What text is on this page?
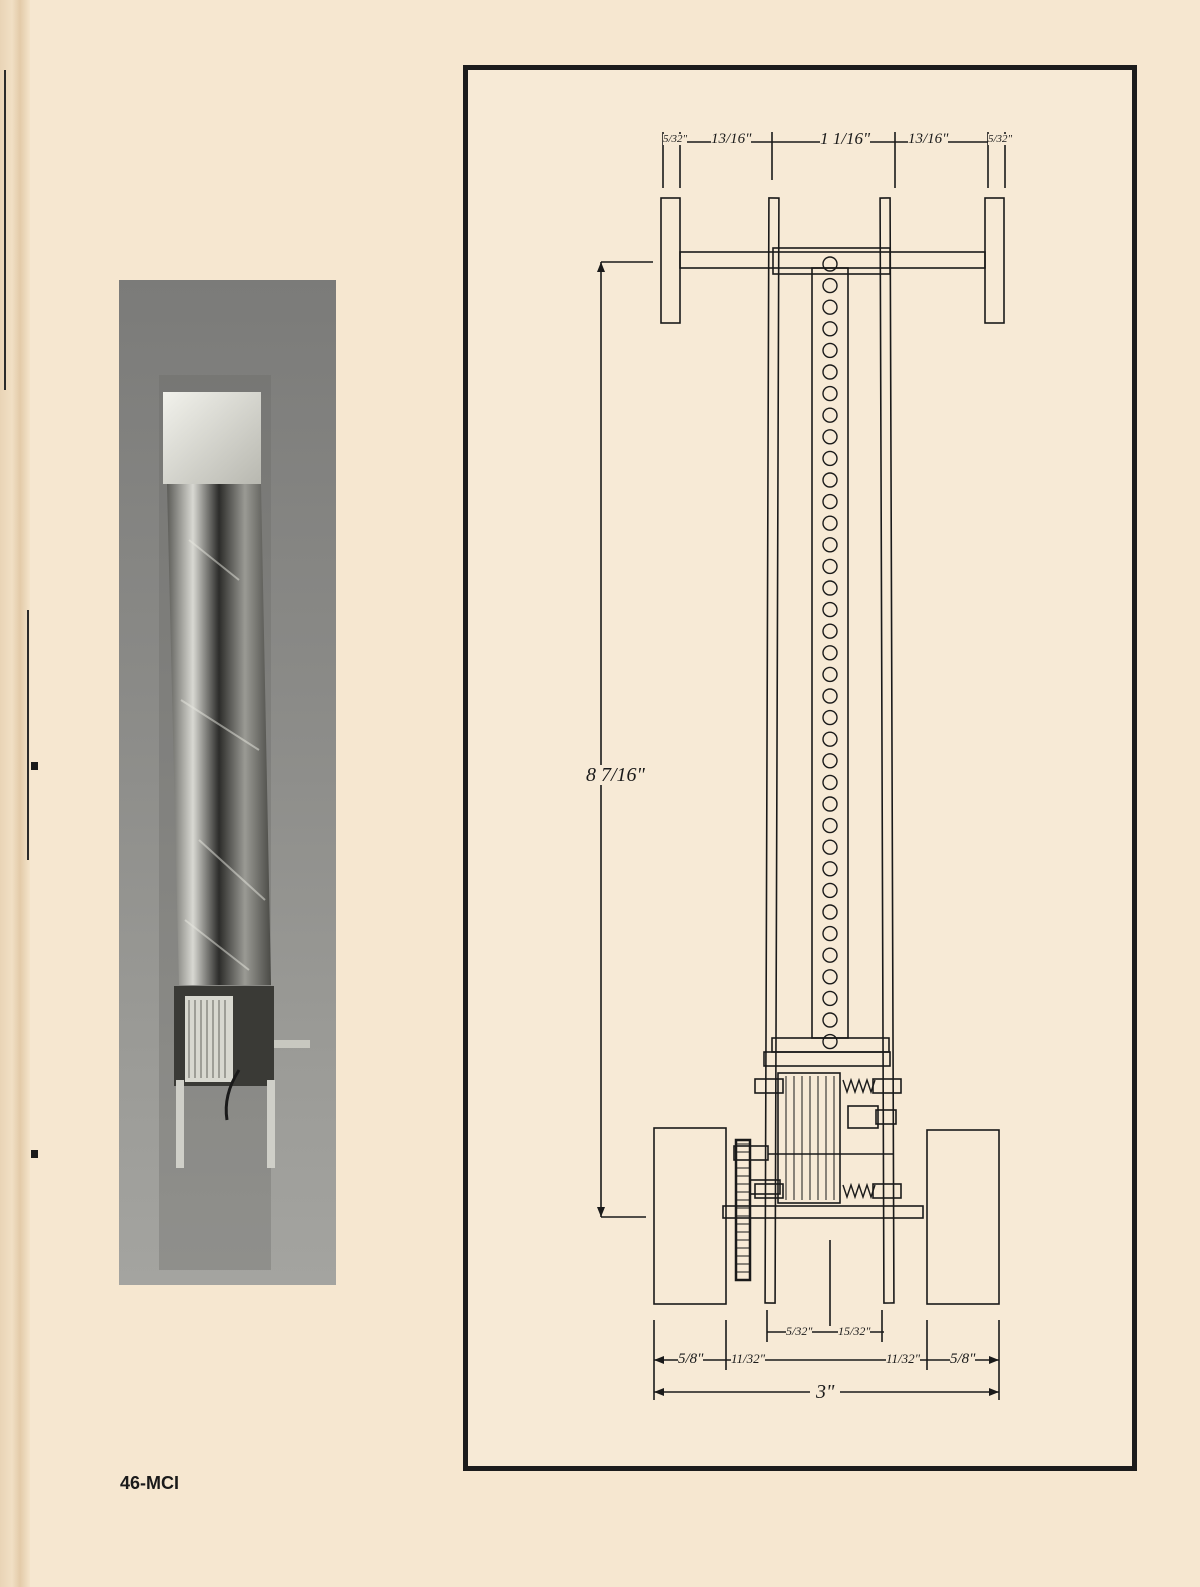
5/32" 13/16"	1 1/16"	13/16"	5/32"
8 7/16"
5/32" 15/32"
5/8" 11/32"	11/32" 5/8"
3"
46-MCI
